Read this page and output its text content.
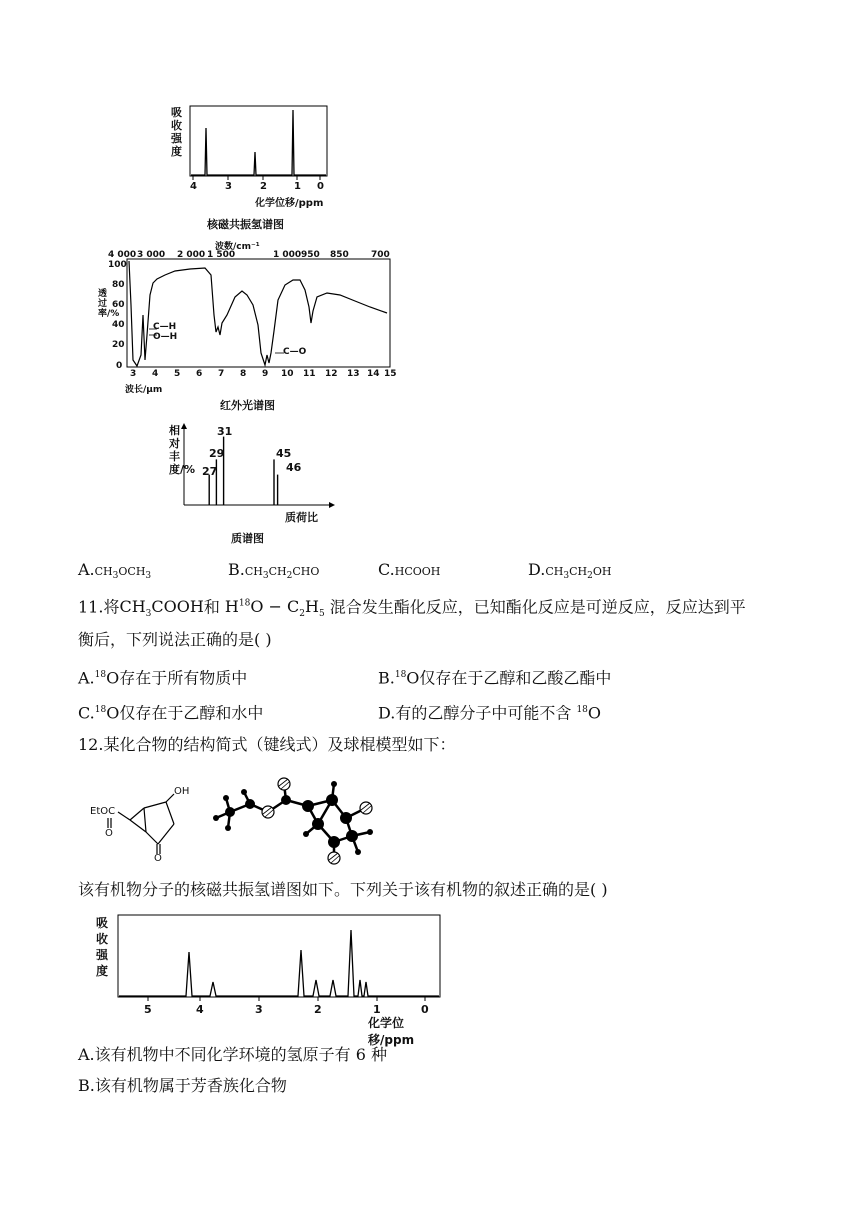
吸收强度
4	3	2	1 0
化学位移/ppm
核磁共振氢谱图
波数/cm⁻¹
4 000 3 000 2 000 1 500	1 000 950 850 700
100
80
60
40
20
0
透过率/%
C—H
O—H
C—O
3 4 5 6 7 8 9 10 11 12 13 14 15
波长/μm
红外光谱图
相对丰度/% 27
29
31
45
46
质荷比
质谱图
$A.CH_3OCH_3$	$B.CH_3CH_2CHO$	C.HCOOH	$D.CH_3CH_2OH$
11.将$CH_3COOH$和 $H^{18}O - C_2H_5$ 混合发生酯化反应，已知酯化反应是可逆反应，反应达到平
衡后，下列说法正确的是( )
A.$^{18}$O存在于所有物质中	B.$^{18}$O仅存在于乙醇和乙酸乙酯中
C.$^{18}$O仅存在于乙醇和水中	D.有的乙醇分子中可能不含 $^{18}$O
12.某化合物的结构简式（键线式）及球棍模型如下：
EtOC
OH
O
O
该有机物分子的核磁共振氢谱图如下。下列关于该有机物的叙述正确的是( )
吸收强度
5	4	3	2	1	0
化学位移/ppm
A.该有机物中不同化学环境的氢原子有 6 种
B.该有机物属于芳香族化合物
